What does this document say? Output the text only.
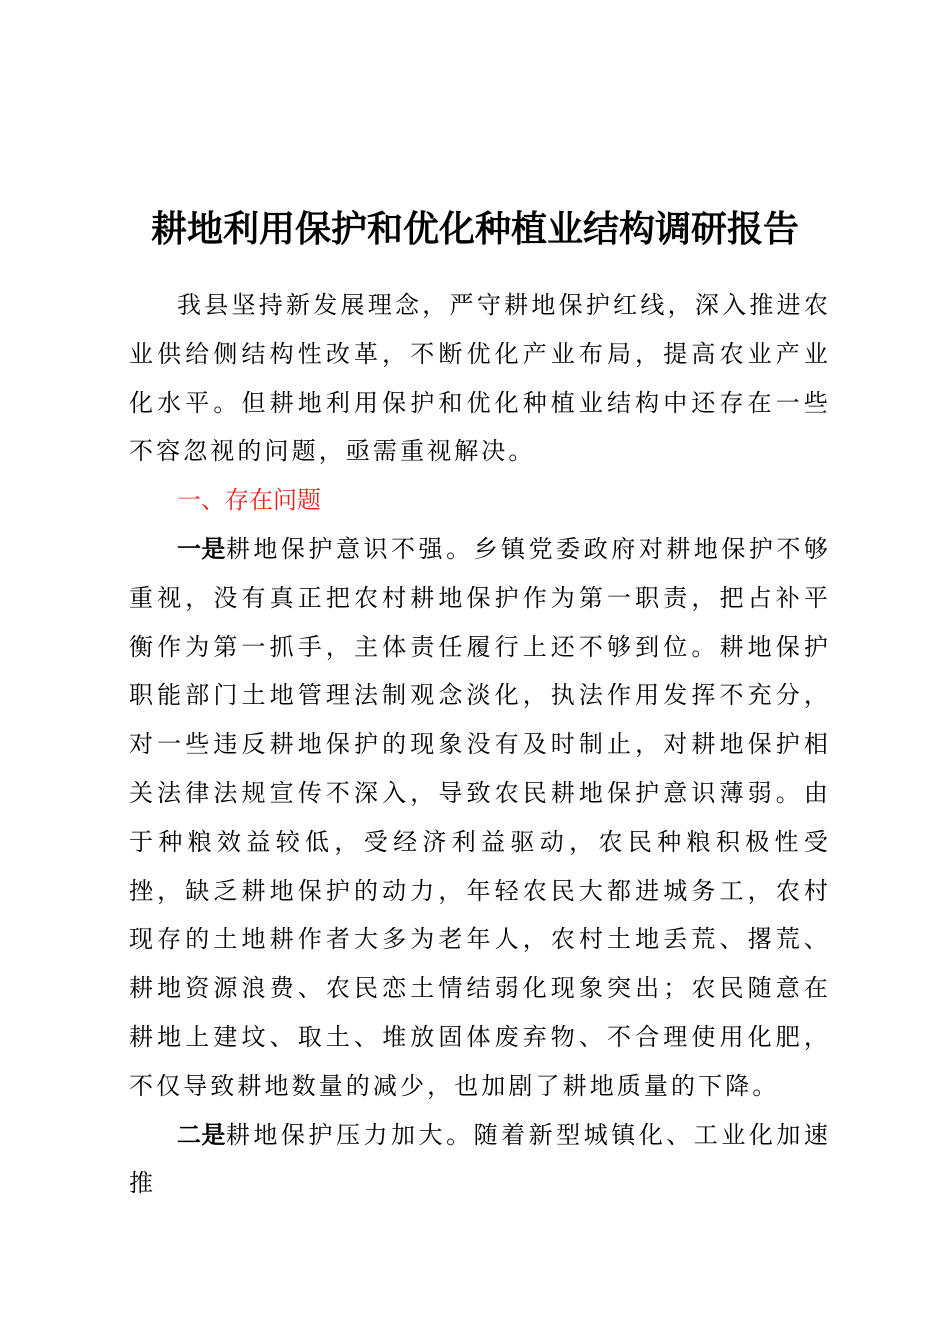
耕地利用保护和优化种植业结构调研报告

我县坚持新发展理念，严守耕地保护红线，深入推进农业供给侧结构性改革，不断优化产业布局，提高农业产业化水平。但耕地利用保护和优化种植业结构中还存在一些不容忽视的问题，亟需重视解决。

一、存在问题

一是耕地保护意识不强。乡镇党委政府对耕地保护不够重视，没有真正把农村耕地保护作为第一职责，把占补平衡作为第一抓手，主体责任履行上还不够到位。耕地保护职能部门土地管理法制观念淡化，执法作用发挥不充分，对一些违反耕地保护的现象没有及时制止，对耕地保护相关法律法规宣传不深入，导致农民耕地保护意识薄弱。由于种粮效益较低，受经济利益驱动，农民种粮积极性受挫，缺乏耕地保护的动力，年轻农民大都进城务工，农村现存的土地耕作者大多为老年人，农村土地丢荒、撂荒、耕地资源浪费、农民恋土情结弱化现象突出；农民随意在耕地上建坟、取土、堆放固体废弃物、不合理使用化肥，不仅导致耕地数量的减少，也加剧了耕地质量的下降。

二是耕地保护压力加大。随着新型城镇化、工业化加速推
